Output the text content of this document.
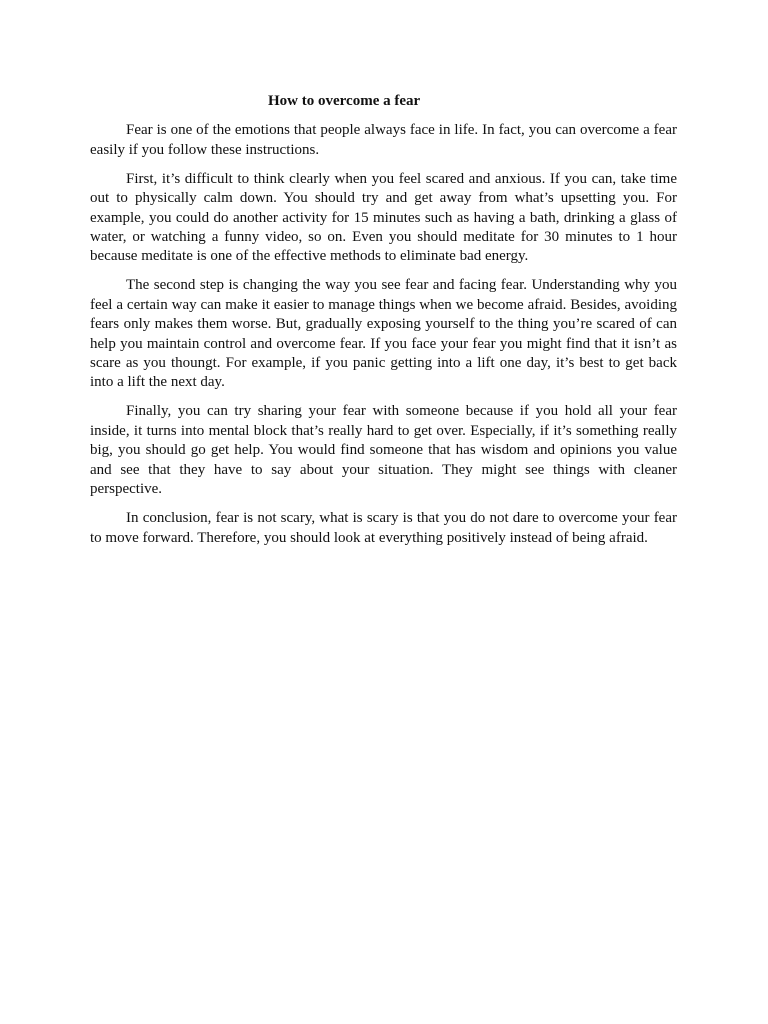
How to overcome a fear

Fear is one of the emotions that people always face in life. In fact, you can overcome a fear easily if you follow these instructions.

First, it’s difficult to think clearly when you feel scared and anxious. If you can, take time out to physically calm down. You should try and get away from what’s upsetting you. For example, you could do another activity for 15 minutes such as having a bath, drinking a glass of water, or watching a funny video, so on. Even you should meditate for 30 minutes to 1 hour because meditate is one of the effective methods to eliminate bad energy.

The second step is changing the way you see fear and facing fear. Understanding why you feel a certain way can make it easier to manage things when we become afraid. Besides, avoiding fears only makes them worse. But, gradually exposing yourself to the thing you’re scared of can help you maintain control and overcome fear. If you face your fear you might find that it isn’t as scare as you thoungt. For example, if you panic getting into a lift one day, it’s best to get back into a lift the next day.

Finally, you can try sharing your fear with someone because if you hold all your fear inside, it turns into mental block that’s really hard to get over. Especially, if it’s something really big, you should go get help. You would find someone that has wisdom and opinions you value and see that they have to say about your situation. They might see things with cleaner perspective.

In conclusion, fear is not scary, what is scary is that you do not dare to overcome your fear to move forward. Therefore, you should look at everything positively instead of being afraid.
